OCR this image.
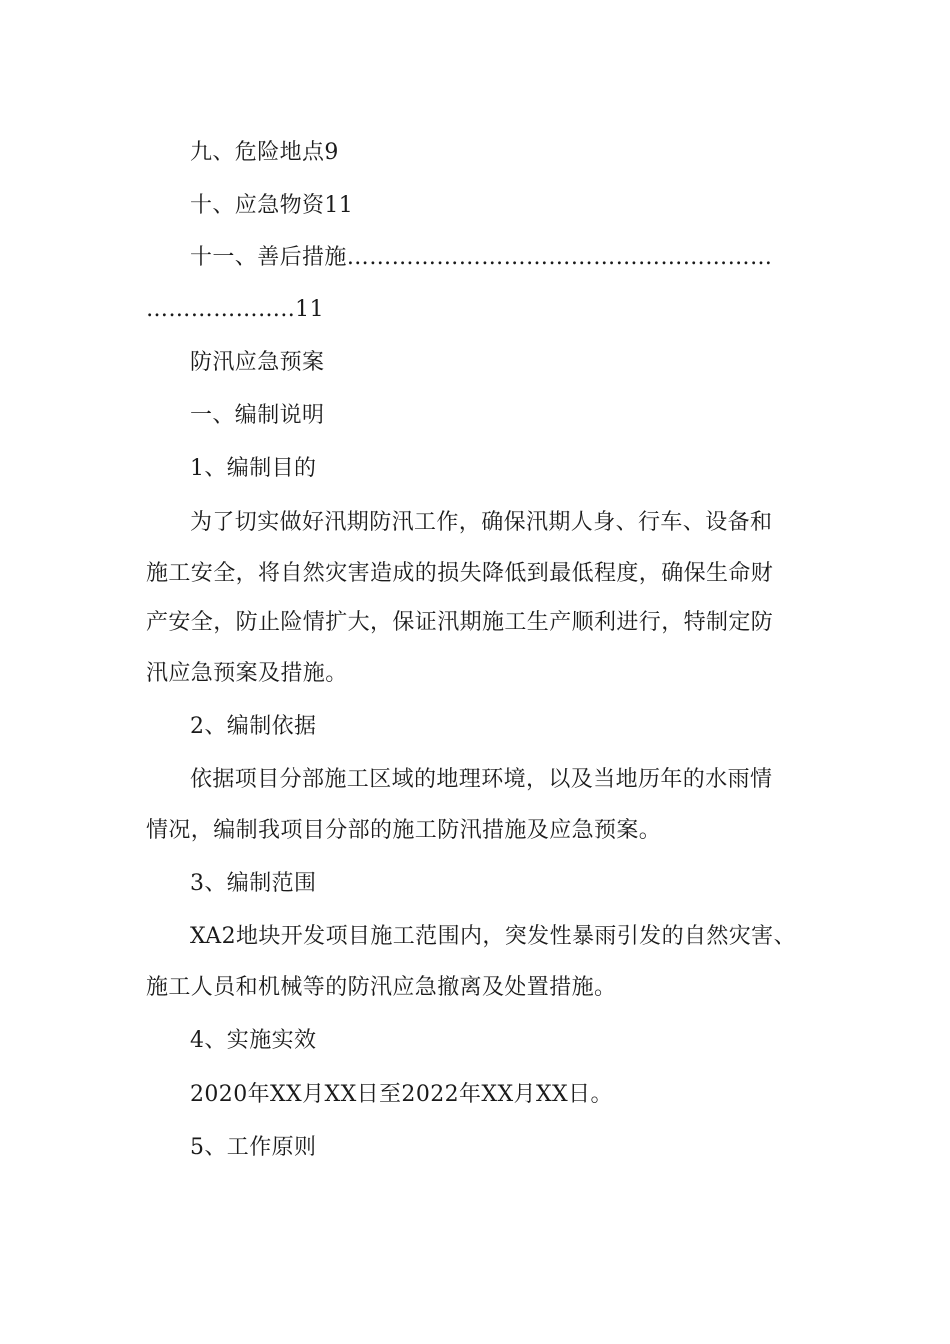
九、危险地点9
十、应急物资11
十一、善后措施…………………………………………………
………………..11
防汛应急预案
一、编制说明
1、编制目的
为了切实做好汛期防汛工作，确保汛期人身、行车、设备和
施工安全，将自然灾害造成的损失降低到最低程度，确保生命财
产安全，防止险情扩大，保证汛期施工生产顺利进行，特制定防
汛应急预案及措施。
2、编制依据
依据项目分部施工区域的地理环境，以及当地历年的水雨情
情况，编制我项目分部的施工防汛措施及应急预案。
3、编制范围
XA2地块开发项目施工范围内，突发性暴雨引发的自然灾害、
施工人员和机械等的防汛应急撤离及处置措施。
4、实施实效
2020年XX月XX日至2022年XX月XX日。
5、工作原则
